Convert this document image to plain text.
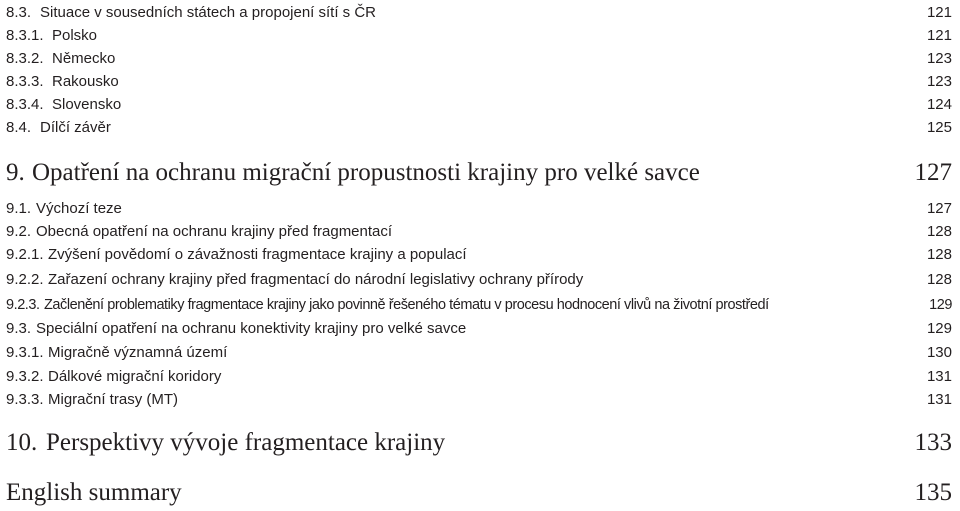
8.3. Situace v sousedních státech a propojení sítí s ČR	121
8.3.1. Polsko	121
8.3.2. Německo	123
8.3.3. Rakousko	123
8.3.4. Slovensko	124
8.4. Dílčí závěr	125
9. Opatření na ochranu migrační propustnosti krajiny pro velké savce	127
9.1. Výchozí teze	127
9.2. Obecná opatření na ochranu krajiny před fragmentací	128
9.2.1. Zvýšení povědomí o závažnosti fragmentace krajiny a populací	128
9.2.2. Zařazení ochrany krajiny před fragmentací do národní legislativy ochrany přírody	128
9.2.3. Začlenění problematiky fragmentace krajiny jako povinně řešeného tématu v procesu hodnocení vlivů na životní prostředí	129
9.3. Speciální opatření na ochranu konektivity krajiny pro velké savce	129
9.3.1. Migračně významná území	130
9.3.2. Dálkové migrační koridory	131
9.3.3. Migrační trasy (MT)	131
10. Perspektivy vývoje fragmentace krajiny	133
English summary	135
